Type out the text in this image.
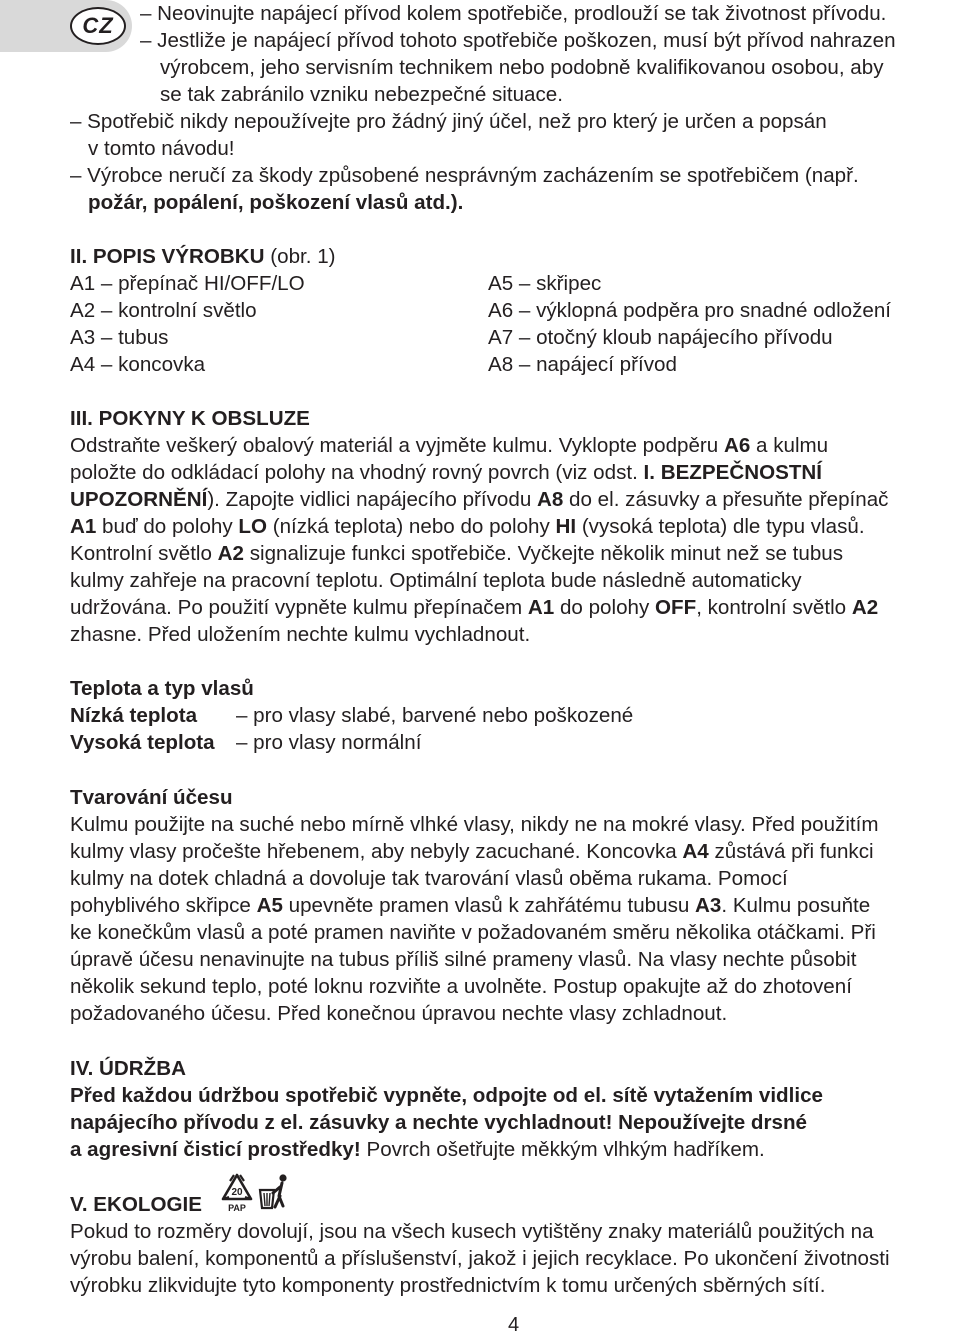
CZ – Neovinujte napájecí přívod kolem spotřebiče, prodlouží se tak životnost přívodu.
– Jestliže je napájecí přívod tohoto spotřebiče poškozen, musí být přívod nahrazen
výrobcem, jeho servisním technikem nebo podobně kvalifikovanou osobou, aby
se tak zabránilo vzniku nebezpečné situace.
– Spotřebič nikdy nepoužívejte pro žádný jiný účel, než pro který je určen a popsán
v tomto návodu!
– Výrobce neručí za škody způsobené nesprávným zacházením se spotřebičem (např.
požár, popálení, poškození vlasů atd.).
II. POPIS VÝROBKU (obr. 1)
A1 – přepínač HI/OFF/LO
A2 – kontrolní světlo
A3 – tubus
A4 – koncovka
A5 – skřipec
A6 – výklopná podpěra pro snadné odložení
A7 – otočný kloub napájecího přívodu
A8 – napájecí přívod
III. POKYNY K OBSLUZE
Odstraňte veškerý obalový materiál a vyjměte kulmu. Vyklopte podpěru A6 a kulmu
položte do odkládací polohy na vhodný rovný povrch (viz odst. I. BEZPEČNOSTNÍ
UPOZORNĚNÍ). Zapojte vidlici napájecího přívodu A8 do el. zásuvky a přesuňte přepínač
A1 buď do polohy LO (nízká teplota) nebo do polohy HI (vysoká teplota) dle typu vlasů.
Kontrolní světlo A2 signalizuje funkci spotřebiče. Vyčkejte několik minut než se tubus
kulmy zahřeje na pracovní teplotu. Optimální teplota bude následně automaticky
udržována. Po použití vypněte kulmu přepínačem A1 do polohy OFF, kontrolní světlo A2
zhasne. Před uložením nechte kulmu vychladnout.
Teplota a typ vlasů
Nízká teplota – pro vlasy slabé, barvené nebo poškozené
Vysoká teplota – pro vlasy normální
Tvarování účesu
Kulmu použijte na suché nebo mírně vlhké vlasy, nikdy ne na mokré vlasy. Před použitím
kulmy vlasy pročešte hřebenem, aby nebyly zacuchané. Koncovka A4 zůstává při funkci
kulmy na dotek chladná a dovoluje tak tvarování vlasů oběma rukama. Pomocí
pohyblivého skřipce A5 upevněte pramen vlasů k zahřátému tubusu A3. Kulmu posuňte
ke konečkům vlasů a poté pramen naviňte v požadovaném směru několika otáčkami. Při
úpravě účesu nenavinujte na tubus příliš silné prameny vlasů. Na vlasy nechte působit
několik sekund teplo, poté loknu rozviňte a uvolněte. Postup opakujte až do zhotovení
požadovaného účesu. Před konečnou úpravou nechte vlasy zchladnout.
IV. ÚDRŽBA
Před každou údržbou spotřebič vypněte, odpojte od el. sítě vytažením vidlice
napájecího přívodu z el. zásuvky a nechte vychladnout! Nepoužívejte drsné
a agresivní čisticí prostředky! Povrch ošetřujte měkkým vlhkým hadříkem.
V. EKOLOGIE
20
PAP
Pokud to rozměry dovolují, jsou na všech kusech vytištěny znaky materiálů použitých na
výrobu balení, komponentů a příslušenství, jakož i jejich recyklace. Po ukončení životnosti
výrobku zlikvidujte tyto komponenty prostřednictvím k tomu určených sběrných sítí.
4
